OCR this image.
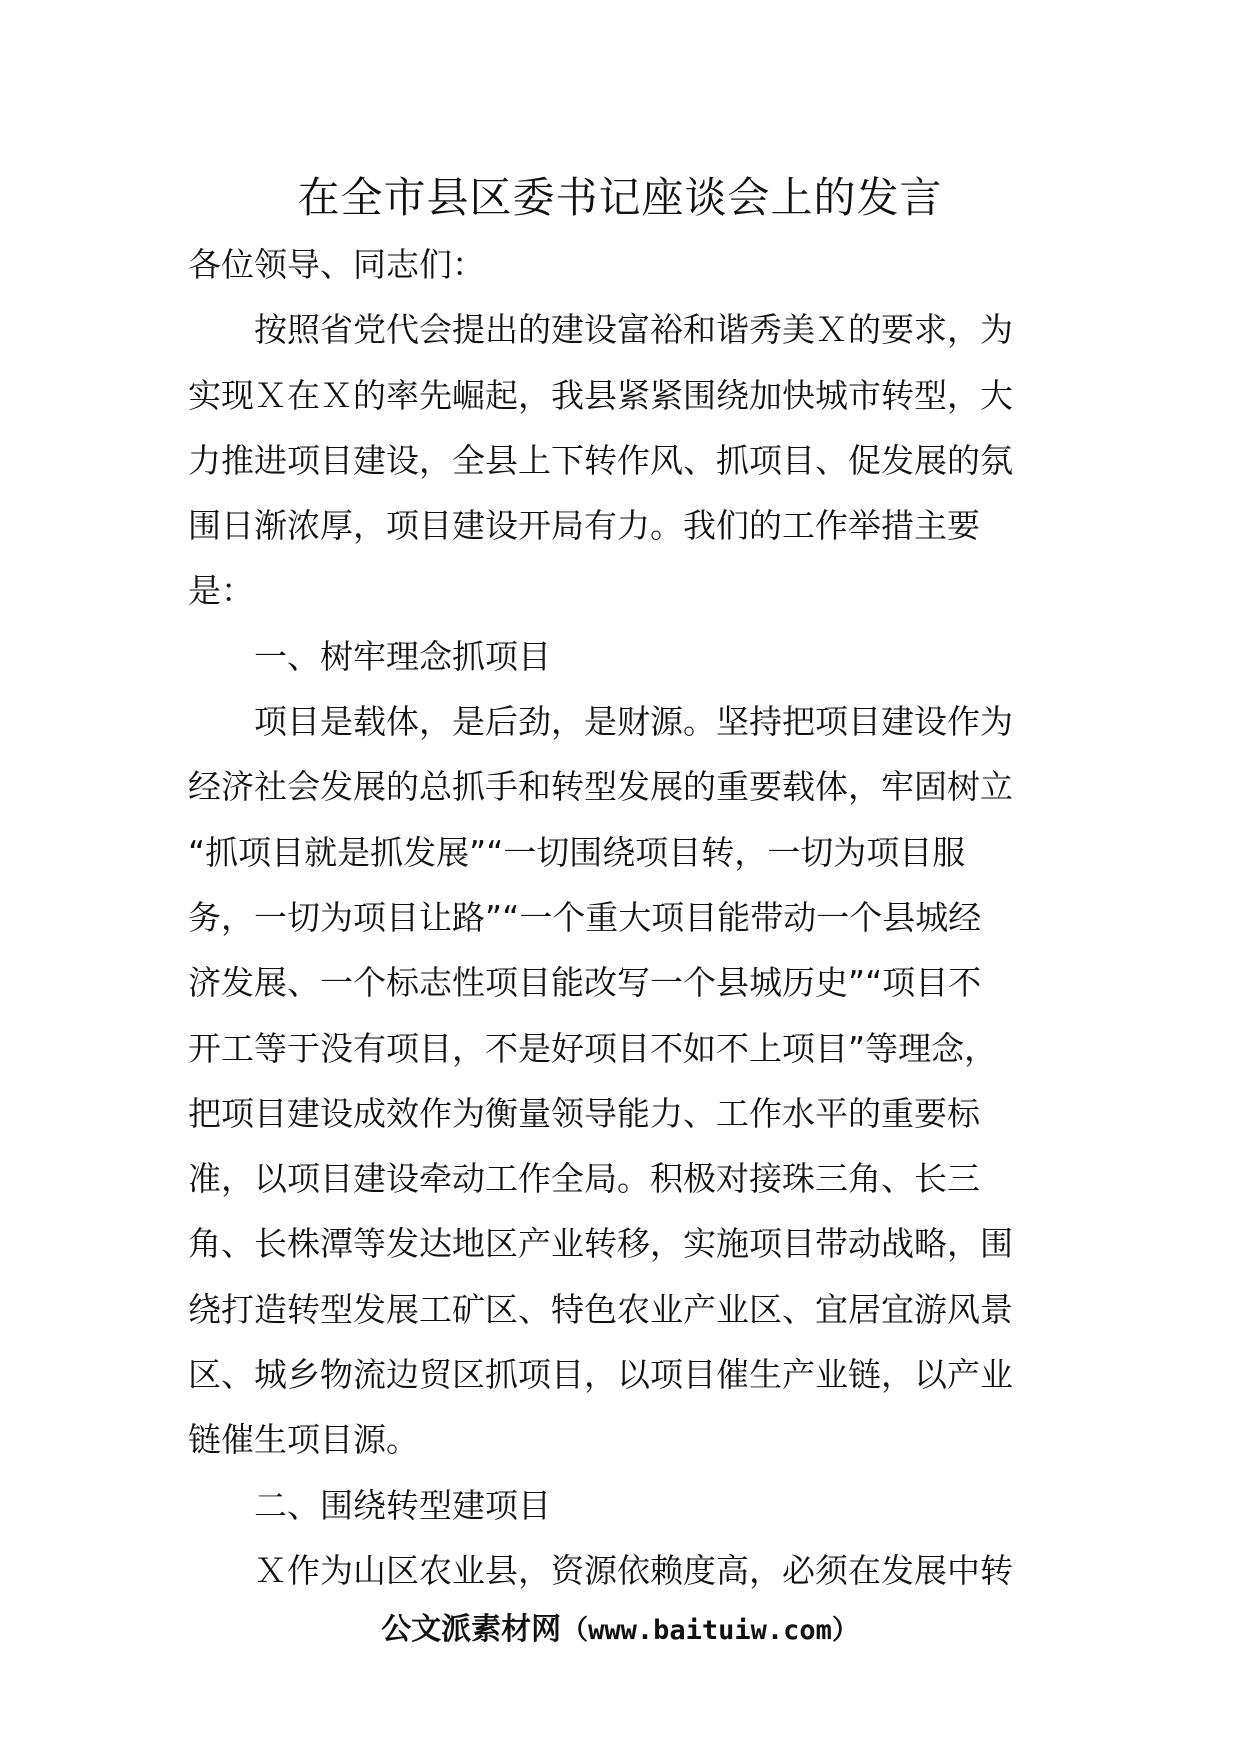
在全市县区委书记座谈会上的发言
各位领导、同志们：
按照省党代会提出的建设富裕和谐秀美Ｘ的要求，为
实现Ｘ在Ｘ的率先崛起，我县紧紧围绕加快城市转型，大
力推进项目建设，全县上下转作风、抓项目、促发展的氛
围日渐浓厚，项目建设开局有力。我们的工作举措主要
是：
一、树牢理念抓项目
项目是载体，是后劲，是财源。坚持把项目建设作为
经济社会发展的总抓手和转型发展的重要载体，牢固树立
“抓项目就是抓发展”“一切围绕项目转，一切为项目服
务，一切为项目让路”“一个重大项目能带动一个县城经
济发展、一个标志性项目能改写一个县城历史”“项目不
开工等于没有项目，不是好项目不如不上项目”等理念，
把项目建设成效作为衡量领导能力、工作水平的重要标
准，以项目建设牵动工作全局。积极对接珠三角、长三
角、长株潭等发达地区产业转移，实施项目带动战略，围
绕打造转型发展工矿区、特色农业产业区、宜居宜游风景
区、城乡物流边贸区抓项目，以项目催生产业链，以产业
链催生项目源。
二、围绕转型建项目
Ｘ作为山区农业县，资源依赖度高，必须在发展中转
公文派素材网（www.baituiw.com）
